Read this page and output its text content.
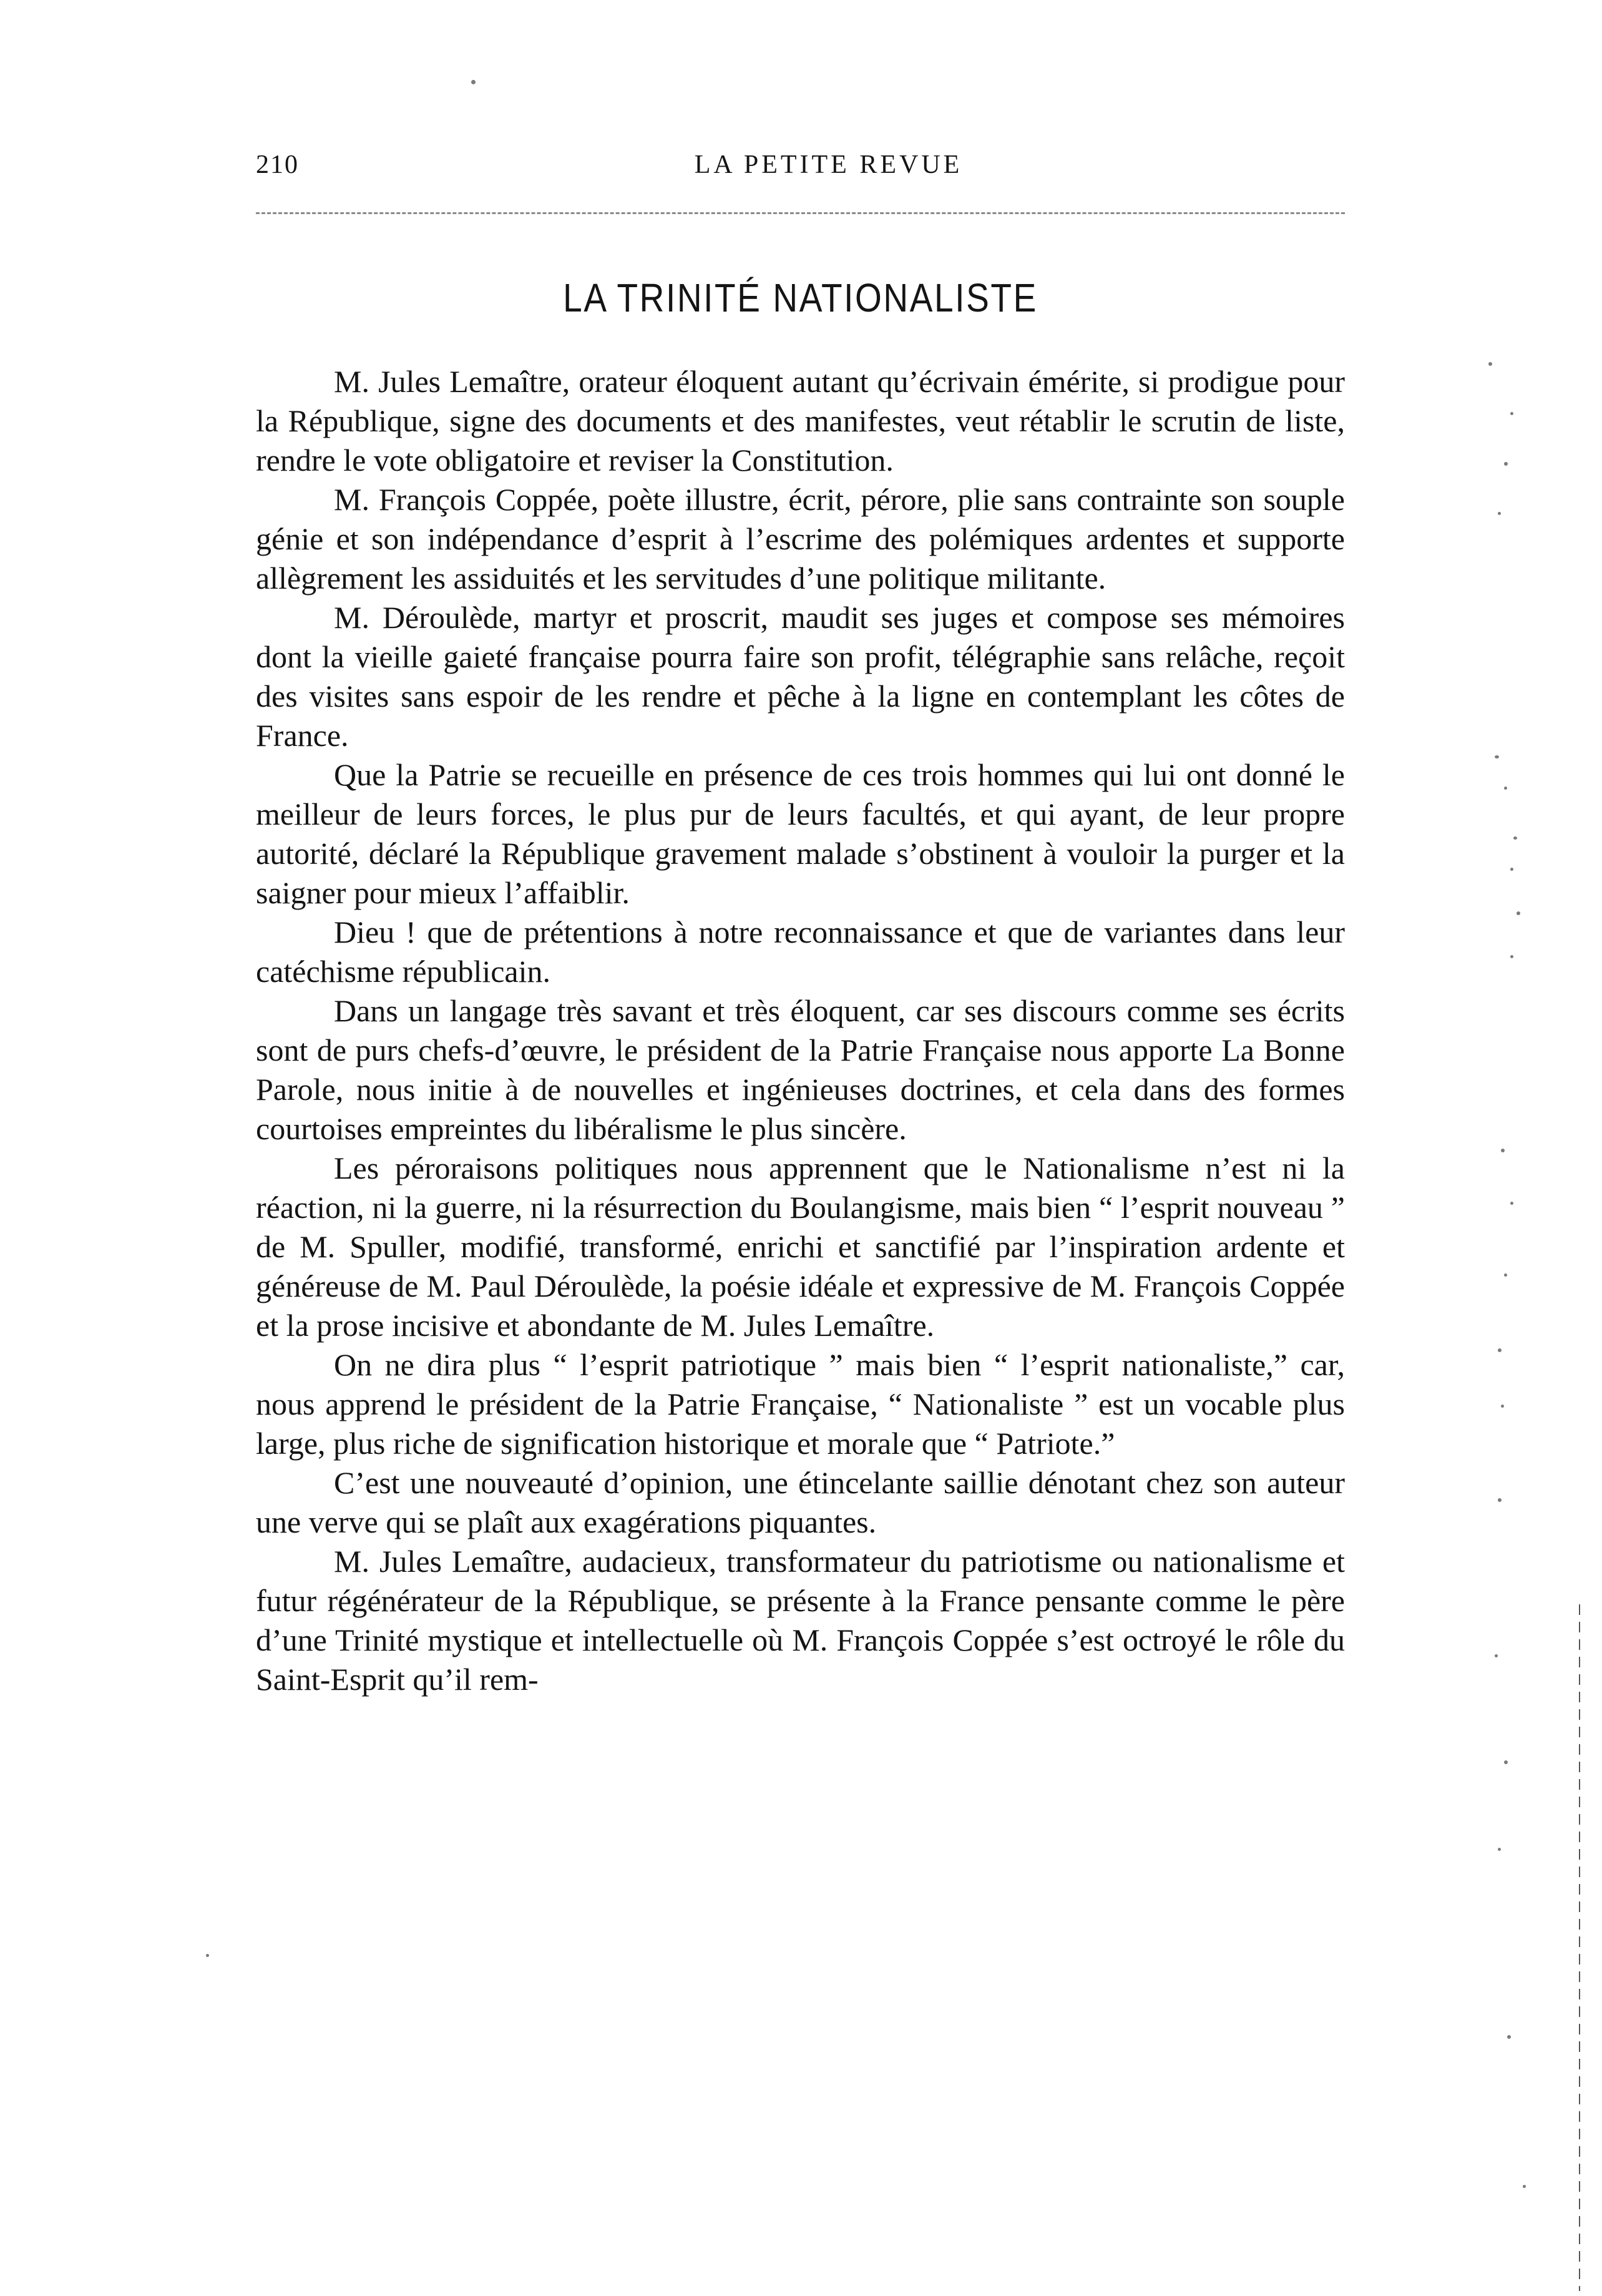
210	LA PETITE REVUE
LA TRINITÉ NATIONALISTE

M. Jules Lemaître, orateur éloquent autant qu’écrivain émérite, si prodigue pour la République, signe des documents et des manifestes, veut rétablir le scrutin de liste, rendre le vote obligatoire et reviser la Constitution.

M. François Coppée, poète illustre, écrit, pérore, plie sans contrainte son souple génie et son indépendance d’esprit à l’escrime des polémiques ardentes et supporte allègrement les assiduités et les servitudes d’une politique militante.

M. Déroulède, martyr et proscrit, maudit ses juges et compose ses mémoires dont la vieille gaieté française pourra faire son profit, télégraphie sans relâche, reçoit des visites sans espoir de les rendre et pêche à la ligne en contemplant les côtes de France.

Que la Patrie se recueille en présence de ces trois hommes qui lui ont donné le meilleur de leurs forces, le plus pur de leurs facultés, et qui ayant, de leur propre autorité, déclaré la République gravement malade s’obstinent à vouloir la purger et la saigner pour mieux l’affaiblir.

Dieu ! que de prétentions à notre reconnaissance et que de variantes dans leur catéchisme républicain.

Dans un langage très savant et très éloquent, car ses discours comme ses écrits sont de purs chefs-d’œuvre, le président de la Patrie Française nous apporte La Bonne Parole, nous initie à de nouvelles et ingénieuses doctrines, et cela dans des formes courtoises empreintes du libéralisme le plus sincère.

Les péroraisons politiques nous apprennent que le Nationalisme n’est ni la réaction, ni la guerre, ni la résurrection du Boulangisme, mais bien “ l’esprit nouveau ” de M. Spuller, modifié, transformé, enrichi et sanctifié par l’inspiration ardente et généreuse de M. Paul Déroulède, la poésie idéale et expressive de M. François Coppée et la prose incisive et abondante de M. Jules Lemaître.

On ne dira plus “ l’esprit patriotique ” mais bien “ l’esprit nationaliste,” car, nous apprend le président de la Patrie Française, “ Nationaliste ” est un vocable plus large, plus riche de signification historique et morale que “ Patriote.”

C’est une nouveauté d’opinion, une étincelante saillie dénotant chez son auteur une verve qui se plaît aux exagérations piquantes.

M. Jules Lemaître, audacieux, transformateur du patriotisme ou nationalisme et futur régénérateur de la République, se présente à la France pensante comme le père d’une Trinité mystique et intellectuelle où M. François Coppée s’est octroyé le rôle du Saint-Esprit qu’il rem-
